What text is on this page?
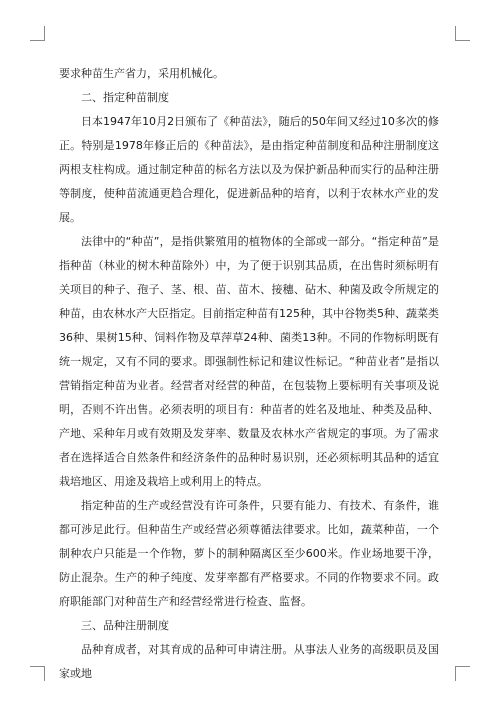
要求种苗生产省力，采用机械化。

二、指定种苗制度

日本1947年10月2日颁布了《种苗法》，随后的50年间又经过10多次的修正。特别是1978年修正后的《种苗法》，是由指定种苗制度和品种注册制度这两根支柱构成。通过制定种苗的标名方法以及为保护新品种而实行的品种注册等制度，使种苗流通更趋合理化，促进新品种的培育，以利于农林水产业的发展。

法律中的“种苗”，是指供繁殖用的植物体的全部或一部分。“指定种苗”是指种苗（林业的树木种苗除外）中，为了便于识别其品质，在出售时须标明有关项目的种子、孢子、茎、根、苗、苗木、接穗、砧木、种菌及政令所规定的种苗，由农林水产大臣指定。目前指定种苗有125种，其中谷物类5种、蔬菜类36种、果树15种、饲料作物及草萍草24种、菌类13种。不同的作物标明既有统一规定，又有不同的要求。即强制性标记和建议性标记。“种苗业者”是指以营销指定种苗为业者。经营者对经营的种苗，在包装物上要标明有关事项及说明，否则不许出售。必须表明的项目有：种苗者的姓名及地址、种类及品种、产地、采种年月或有效期及发芽率、数量及农林水产省规定的事项。为了需求者在选择适合自然条件和经济条件的品种时易识别，还必须标明其品种的适宜栽培地区、用途及栽培上或利用上的特点。

指定种苗的生产或经营没有许可条件，只要有能力、有技术、有条件，谁都可涉足此行。但种苗生产或经营必须尊循法律要求。比如，蔬菜种苗，一个制种农户只能是一个作物，萝卜的制种隔离区至少600米。作业场地要干净，防止混杂。生产的种子纯度、发芽率都有严格要求。不同的作物要求不同。政府职能部门对种苗生产和经营经常进行检查、监督。

三、品种注册制度

品种育成者，对其育成的品种可申请注册。从事法人业务的高级职员及国家或地
